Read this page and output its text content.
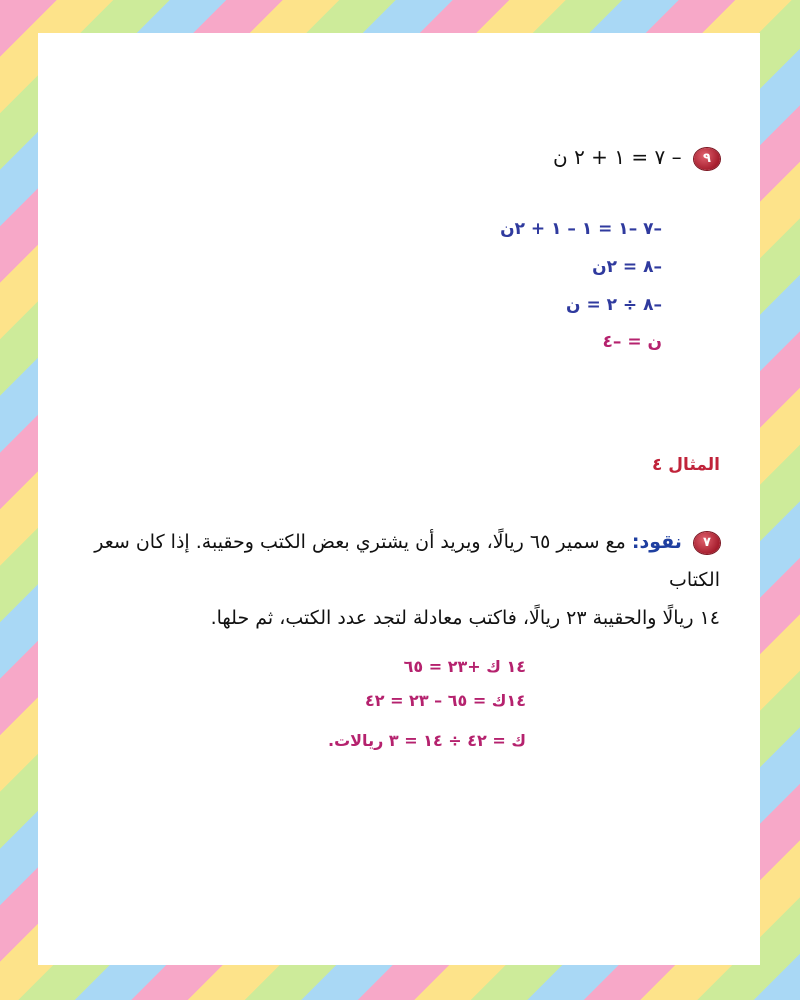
٩ – ٧ = ١ + ٢ ن
–٧ –١ = ١ – ١ + ٢ن
–٨ = ٢ن
–٨ ÷ ٢ = ن
ن = –٤
المثال ٤
٧ نقود: مع سمير ٦٥ ريالًا، ويريد أن يشتري بعض الكتب وحقيبة. إذا كان سعر الكتاب
١٤ ريالًا والحقيبة ٢٣ ريالًا، فاكتب معادلة لتجد عدد الكتب، ثم حلها.
١٤ ك +٢٣ = ٦٥
١٤ك = ٦٥ – ٢٣ = ٤٢
ك = ٤٢ ÷ ١٤ = ٣ ريالات.
